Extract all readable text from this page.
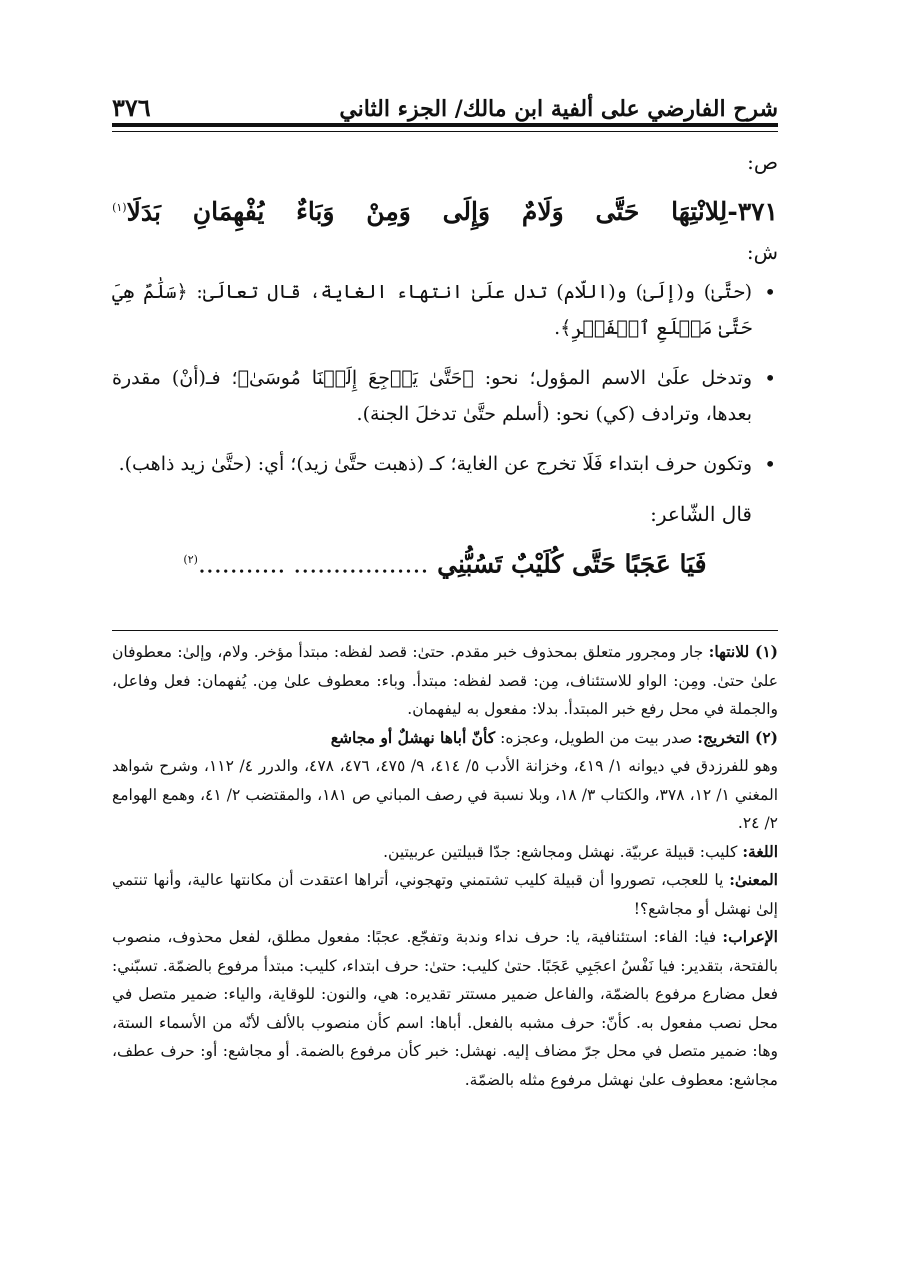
شرح الفارضي على ألفية ابن مالك/ الجزء الثاني
٣٧٦

ص:

٣٧١-لِلانْتِهَا
حَتَّى
وَلَامٌ
وَإِلَى
وَمِنْ
وَبَاءٌ
يُفْهِمَانِ
بَدَلَا$^{(١)}$

ش:

• (حتَّىٰ) و(إلَىٰ) و(اللّام) تدل علَىٰ انتهاء الغاية، قال تعالَىٰ: ﴿سَلَٰمٌ هِيَ حَتَّىٰ مَطۡلَعِ ٱلۡفَجۡرِ﴾.
• وتدخل علَىٰ الاسم المؤول؛ نحو: ﴿حَتَّىٰ يَرۡجِعَ إِلَيۡنَا مُوسَىٰ﴾؛ فـ(أنْ) مقدرة بعدها، وترادف (كي) نحو: (أسلم حتَّىٰ تدخلَ الجنة).
• وتكون حرف ابتداء فَلَا تخرج عن الغاية؛ كـ (ذهبت حتَّىٰ زيد)؛ أي: (حتَّىٰ زيد ذاهب).

قال الشّاعر:

فَيَا عَجَبًا حَتَّى كُلَيْبٌ تَسُبُّنِي ................. ...........$^{(٢)}$

(١) للانتها: جار ومجرور متعلق بمحذوف خبر مقدم. حتىٰ: قصد لفظه: مبتدأ مؤخر. ولام، وإلىٰ: معطوفان علىٰ حتىٰ. ومِن: الواو للاستئناف، مِن: قصد لفظه: مبتدأ. وباء: معطوف علىٰ مِن. يُفهمان: فعل وفاعل، والجملة في محل رفع خبر المبتدأ. بدلا: مفعول به ليفهمان.

(٢) التخريج: صدر بيت من الطويل، وعجزه: كأنّ أباها نهشلٌ أو مجاشع

وهو للفرزدق في ديوانه ١/ ٤١٩، وخزانة الأدب ٥/ ٤١٤، ٩/ ٤٧٥، ٤٧٦، ٤٧٨، والدرر ٤/ ١١٢، وشرح شواهد المغني ١/ ١٢، ٣٧٨، والكتاب ٣/ ١٨، وبلا نسبة في رصف المباني ص ١٨١، والمقتضب ٢/ ٤١، وهمع الهوامع ٢/ ٢٤.

اللغة: كليب: قبيلة عربيّة. نهشل ومجاشع: جدّا قبيلتين عربيتين.

المعنىٰ: يا للعجب، تصوروا أن قبيلة كليب تشتمني وتهجوني، أتراها اعتقدت أن مكانتها عالية، وأنها تنتمي إلىٰ نهشل أو مجاشع؟!

الإعراب: فيا: الفاء: استئنافية، يا: حرف نداء وندبة وتفجّع. عجبًا: مفعول مطلق، لفعل محذوف، منصوب بالفتحة، بتقدير: فيا نَفْسُ اعجَبِي عَجَبًا. حتىٰ كليب: حتىٰ: حرف ابتداء، كليب: مبتدأ مرفوع بالضمّة. تسبّني: فعل مضارع مرفوع بالضمّة، والفاعل ضمير مستتر تقديره: هي، والنون: للوقاية، والياء: ضمير متصل في محل نصب مفعول به. كأنّ: حرف مشبه بالفعل. أباها: اسم كأن منصوب بالألف لأنّه من الأسماء الستة، وها: ضمير متصل في محل جرّ مضاف إليه. نهشل: خبر كأن مرفوع بالضمة. أو مجاشع: أو: حرف عطف، مجاشع: معطوف علىٰ نهشل مرفوع مثله بالضمّة.
